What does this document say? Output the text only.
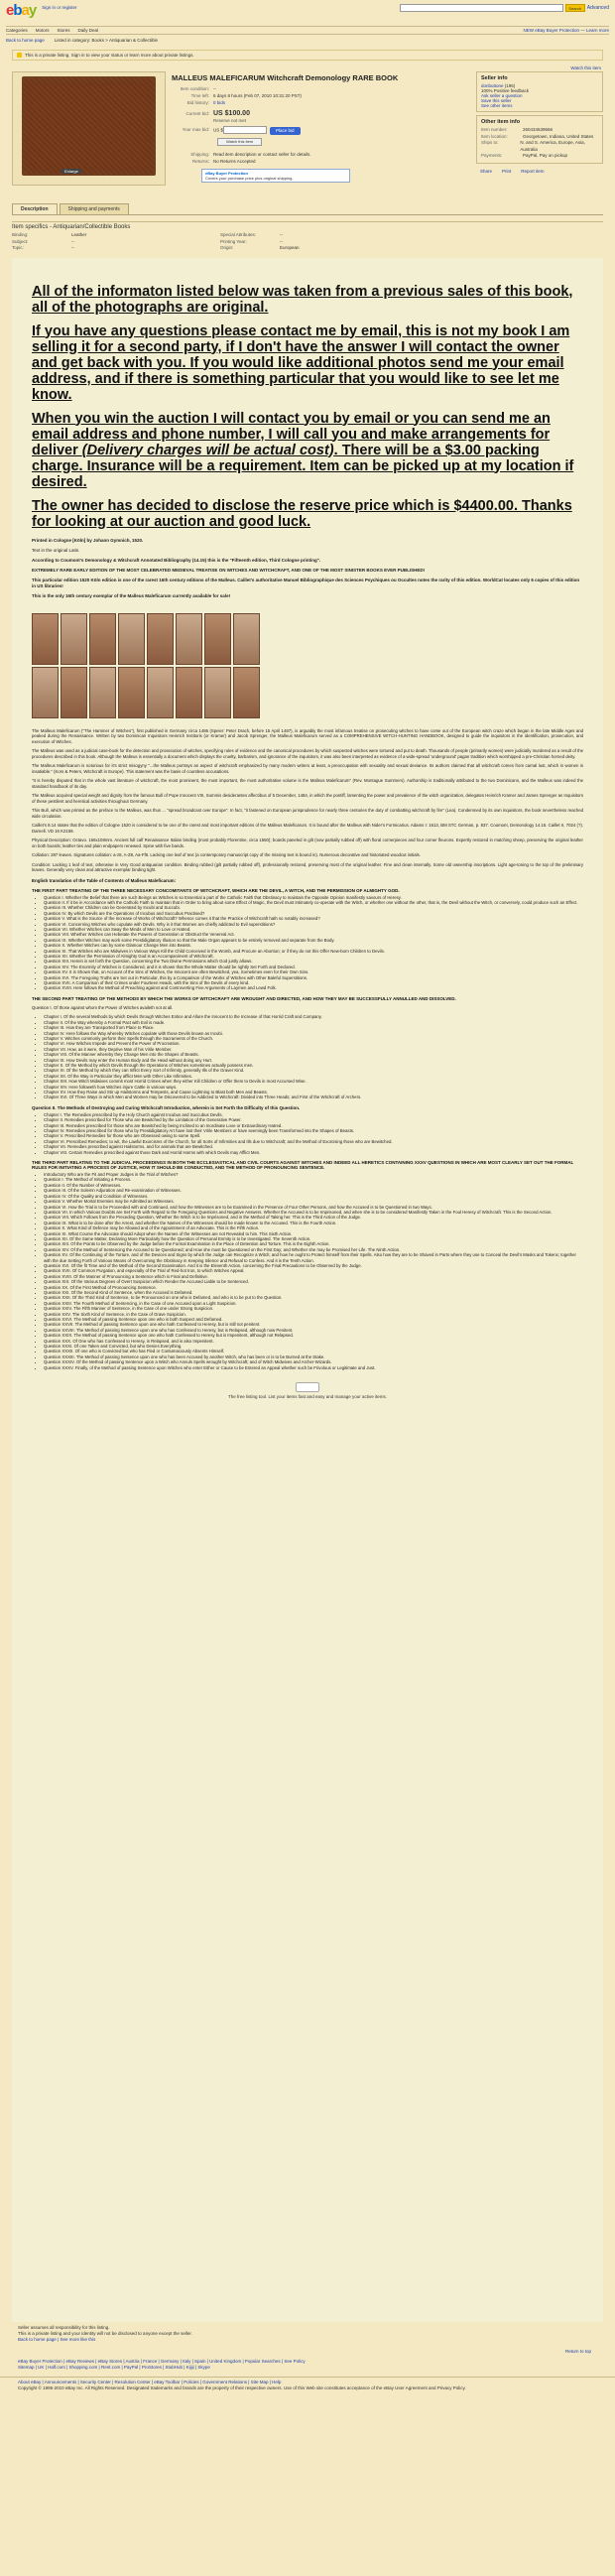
ebay Sign in or register	Search	Advanced
Categories Motors Stores Daily Deal	NEW eBay Buyer Protection — Learn more
Back to home page Listed in category: Books > Antiquarian & Collectible
This is a private listing. Sign in to view your status or learn more about private listings.
Watch this item
Enlarge
MALLEUS MALEFICARUM Witchcraft Demonology RARE BOOK
Item condition: --
Time left: 6 days 8 hours (Feb 07, 2010 10:31:20 PST)
Bid history: 0 bids
Current bid: US $100.00
Reserve not met
Your max bid: US $	Place bid
Watch this item
Shipping: Read item description or contact seller for details.
Returns: No Returns Accepted
eBay Buyer Protection
Covers your purchase price plus original shipping.
Seller info
donbuttone (195)
100% Positive feedback
Ask seller a question
Save this seller
See other items
Other item info
Item number:	260434639666
Item location:	Georgetown, Indiana, United States
Ships to:	N. and S. America, Europe, Asia, Australia
Payments:	PayPal, Pay on pickup
Share Print Report item
Description	Shipping and payments
Item specifics - Antiquarian/Collectible Books
Binding:	Leather	Special Attributes:	--
Subject:	--	Printing Year:	--
Topic:	--	Origin:	European

All of the informaton listed below was taken from a previous sales of this book, all of the photographs are original.

If you have any questions please contact me by email, this is not my book I am selling it for a second party, if I don't have the answer I will contact the owner and get back with you. If you would like additional photos send me your email address, and if there is something particular that you would like to see let me know.

When you win the auction I will contact you by email or you can send me an email address and phone number, I will call you and make arrangements for deliver (Delivery charges will be actual cost). There will be a $3.00 packing charge. Insurance will be a requirement. Item can be picked up at my location if desired.

The owner has decided to disclose the reserve price which is $4400.00. Thanks for looking at our auction and good luck.

Printed in Cologne [Köln] by Johann Gymnich, 1520.

Text in the original Latin.

According to Coumont's Demonology & Witchcraft Annotated Bibliography (14.15) this is the "Fifteenth edition, Third Cologne printing".

EXTREMELY RARE EARLY EDITION OF THE MOST CELEBRATED MEDIEVAL TREATISE ON WITCHES AND WITCHCRAFT, AND ONE OF THE MOST SINISTER BOOKS EVER PUBLISHED!

This particular edition 1520 Köln edition is one of the rarest 16th century editions of the Malleus. Caillet's authoritative Manuel Bibliographique des Sciences Psychiques ou Occultes notes the rarity of this edition. WorldCat locates only 6 copies of this edition in US libraries!

This is the only 16th century exemplar of the Malleus Maleficarum currently available for sale!

The Malleus Maleficarum ("The Hammer of Witches"), first published in Germany circa 1486 (Speier: Peter Drach, before 15 April 1487), is arguably the most infamous treatise on prosecuting witches to have come out of the European witch craze which began in the late Middle Ages and peaked during the Renaissance. Written by two Dominican Inquisitors Heinrich Institoris (or Kramer) and Jacob Sprenger, the Malleus Maleficarum served as a COMPREHENSIVE WITCH-HUNTING HANDBOOK, designed to guide the inquisitors in the identification, prosecution, and execution of Witches.

The Malleus was used as a judicial case-book for the detection and prosecution of witches, specifying rules of evidence and the canonical procedures by which suspected witches were tortured and put to death. Thousands of people (primarily women) were judicially murdered as a result of the procedures described in this book. Although the Malleus is essentially a document which displays the cruelty, barbarism, and ignorance of the inquisitors, it was also been interpreted as evidence of a wide-spread 'underground' pagan tradition which worshipped a pre-Christian horned deity.

The Malleus Maleficarum is notorious for it's strict misogyny "...the Malleus portrays an aspect of witchcraft emphasized by many modern writers at least, a preoccupation with sexuality and sexual deviance. Its authors claimed that all witchcraft comes from carnal lust, which in women is insatiable." (Kors & Peters, Witchcraft in Europe). This statement was the basis of countless accusations.

"It is hereby disputed that in the whole vast literature of witchcraft, the most prominent, the most important, the most authoritative volume is the Malleus Maleficarum" (Rev. Montague Summers). Authorship is traditionally attributed to the two Dominicans, and the Malleus was indeed the standard handbook of its day.

The Malleus acquired special weight and dignity from the famous Bull of Pope Innocent VIII, Summis desiderantes affectibus of 5 December, 1484, in which the pontiff, lamenting the power and prevalence of the witch organization, delegates Heinrich Kramer and James Sprenger as Inquisitors of these pestilent and heretical activities throughout Germany.

This Bull, which was printed as the preface to the Malleus, was thus ... "spread broadcast over Europe". In fact, "it fastened on European jurisprudence for nearly three centuries the duty of combatting witchcraft by fire" (Lea). Condemned by its own inquisitors, the book nevertheless reached wide circulation.

Caillet's 8.14 states that the edition of Cologne 1520 is considered to be one of the rarest and most important editions of the Malleus Maleficarum. It is bound after the Malleus with Nider's Formicarius. Adams I: 1613, BM STC German, p. 837. Coumont, Demonology 14.15. Caillet II, 7024 (?). Darnell. VD 16 K2159.

Physical Description: Octavo. 166x108mm. Ancient full calf Renaissance Italian binding (most probably Florentine, circa 1550); boards paneled in gilt (now partially rubbed off) with floral cornerpieces and four corner fleurons. Expertly restored in matching sheep, preserving the original leather on both boards; leather ties and plain endpapers renewed. Spine with five bands.

Collation: 287 leaves. Signatures collation: a-z8, A-Z8, Aa-Ff8. Lacking one leaf of text (a contemporary manuscript copy of the missing text is bound in). Numerous decorative and historiated woodcut initials.

Condition: Lacking 1 leaf of text, otherwise in Very Good antiquarian condition. Binding rubbed (gilt partially rubbed off), professionally restored, preserving most of the original leather. Fine and clean internally. Some old ownership inscriptions. Light age-toning to the top of the preliminary leaves. Generally very clean and attractive exemplar binding tight.

English translation of the Table of Contents of Malleus Maleficarum:

THE FIRST PART TREATING OF THE THREE NECESSARY CONCOMITANTS OF WITCHCRAFT, WHICH ARE THE DEVIL, A WITCH, AND THE PERMISSION OF ALMIGHTY GOD.

• Question I. Whether the Belief that there are such Beings as Witches is so Essential a part of the Catholic Faith that Obstinacy to maintain the Opposite Opinion manifestly savours of Heresy.
• Question II. If it be in Accordance with the Catholic Faith to maintain that in Order to bring about some Effect of Magic, the Devil must Intimately co-operate with the Witch, or whether one without the other, that is, the Devil without the Witch, or conversely, could produce such an Effect.
• Question III. Whether Children can be Generated by Incubi and Succubi.
• Question IV. By which Devils are the Operations of Incubus and Succubus Practised?
• Question V. What is the Source of the Increase of Works of Witchcraft? Whence comes it that the Practice of Witchcraft hath so notably increased?
• Question VI. Concerning Witches who copulate with Devils. Why is it that Women are chiefly addicted to Evil superstitions?
• Question VII. Whether Witches can Sway the Minds of Men to Love or Hatred.
• Question VIII. Whether Witches can Hebetate the Powers of Generation or Obstruct the Venereal Act.
• Question IX. Whether Witches may work some Prestidigitatory Illusion so that the Male Organ appears to be entirely removed and separate from the Body.
• Question X. Whether Witches can by some Glamour Change Men into Beasts.
• Question XI. That Witches who are Midwives in Various Ways Kill the Child Conceived in the Womb, and Procure an Abortion; or if they do not this Offer New-born Children to Devils.
• Question XII. Whether the Permission of Almighty God is an Accompaniment of Witchcraft.
• Question XIII. Herein is set forth the Question, concerning the Two Divine Permissions which God justly allows.
• Question XIV. The Enormity of Witches is Considered, and it is shown that the Whole Matter should be rightly Set Forth and Declared.
• Question XV. It is Shown that, on Account of the Sins of Witches, the Innocent are often Bewitched, yea, Sometimes even for their Own Sins.
• Question XVI. The Foregoing Truths are Set out in Particular, this by a Comparison of the Works of Witches with Other Baleful Superstitions.
• Question XVII. A Comparison of their Crimes under Fourteen Heads, with the Sins of the Devils of every kind.
• Question XVIII. Here follows the Method of Preaching against and Controverting Five Arguments of Laymen and Lewd Folk.

THE SECOND PART TREATING OF THE METHODS BY WHICH THE WORKS OF WITCHCRAFT ARE WROUGHT AND DIRECTED, AND HOW THEY MAY BE SUCCESSFULLY ANNULLED AND DISSOLVED.

Question I. Of those against whom the Power of Witches availeth not at all.

• Chapter I. Of the several Methods by which Devils through Witches Entice and Allure the Innocent to the Increase of that Horrid Craft and Company.
• Chapter II. Of the Way whereby a Formal Pact with Evil is made.
• Chapter III. How they are Transported from Place to Place.
• Chapter IV. Here follows the Way whereby Witches copulate with those Devils known as Incubi.
• Chapter V. Witches commonly perform their Spells through the Sacraments of the Church.
• Chapter VI. How Witches Impede and Prevent the Power of Procreation.
• Chapter VII. How, as it were, they Deprive Man of his Virile Member.
• Chapter VIII. Of the Manner whereby they Change Men into the Shapes of Beasts.
• Chapter IX. How Devils may enter the Human Body and the Head without doing any Hurt.
• Chapter X. Of the Method by which Devils through the Operations of Witches sometimes actually possess men.
• Chapter XI. Of the Method by which they can Inflict Every Sort of Infirmity, generally Ills of the Graver Kind.
• Chapter XII. Of the Way in Particular they afflict Men with Other Like Infirmities.
• Chapter XIII. How Witch Midwives commit most Horrid Crimes when they either Kill Children or Offer them to Devils in most Accursed Wise.
• Chapter XIV. Here followeth how Witches injure Cattle in various ways.
• Chapter XV. How they Raise and Stir up Hailstorms and Tempests, and Cause Lightning to Blast both Men and Beasts.
• Chapter XVI. Of Three Ways in which Men and Women may be Discovered to be Addicted to Witchcraft: Divided into Three Heads; and First of the Witchcraft of Archers.

Question II. The Methods of Destroying and Curing Witchcraft Introduction, wherein is Set Forth the Difficulty of this Question.

• Chapter I. The Remedies prescribed by the Holy Church against Incubus and Succubus Devils.
• Chapter II. Remedies prescribed for Those who are Bewitched by the Limitation of the Generative Power.
• Chapter III. Remedies prescribed for those who are Bewitched by being Inclined to an Inordinate Love or Extraordinary Hatred.
• Chapter IV. Remedies prescribed for those who by Prestidigitatory Art have lost their Virile Members or have seemingly been Transformed into the Shapes of Beasts.
• Chapter V. Prescribed Remedies for those who are Obsessed owing to some Spell.
• Chapter VI. Prescribed Remedies; to wit, the Lawful Exorcisms of the Church, for all Sorts of Infirmities and Ills due to Witchcraft; and the Method of Exorcising those who are Bewitched.
• Chapter VII. Remedies prescribed against Hailstorms, and for animals that are Bewitched.
• Chapter VIII. Certain Remedies prescribed against those Dark and Horrid Harms with which Devils may Afflict Men.

THE THIRD PART RELATING TO THE JUDICIAL PROCEEDINGS IN BOTH THE ECCLESIASTICAL AND CIVIL COURTS AGAINST WITCHES AND INDEED ALL HERETICS CONTAINING XXXV QUESTIONS IN WHICH ARE MOST CLEARLY SET OUT THE FORMAL RULES FOR INITIATING A PROCESS OF JUSTICE, HOW IT SHOULD BE CONDUCTED, AND THE METHOD OF PRONOUNCING SENTENCE.

• Introductory Who are the Fit and Proper Judges in the Trial of Witches?
• Question I. The Method of Initiating a Process.
• Question II. Of the Number of Witnesses.
• Question III. Of the Solemn Adjuration and Re-examination of Witnesses.
• Question IV. Of the Quality and Condition of Witnesses.
• Question V. Whether Mortal Enemies may be Admitted as Witnesses.
• Question VI. How the Trial is to be Proceeded with and Continued, and how the Witnesses are to be Examined in the Presence of Four Other Persons, and how the Accused is to be Questioned in two Ways.
• Question VII. In which Various Doubts are Set Forth with Regard to the Foregoing Questions and Negative Answers. Whether the Accused is to be Imprisoned, and when she is to be considered Manifestly Taken in the Foul Heresy of Witchcraft. This is the Second Action.
• Question VIII. Which Follows from the Preceding Question, Whether the Witch is to be Imprisoned, and in the Method of Taking her. This is the Third Action of the Judge.
• Question IX. What is to be done after the Arrest, and whether the Names of the Witnesses should be made known to the Accused. This is the Fourth Action.
• Question X. What Kind of Defence may be Allowed and of the Appointment of an Advocate. This is the Fifth Action.
• Question XI. What Course the Advocate should Adopt when the Names of the Witnesses are not Revealed to him. This Sixth Action.
• Question XII. Of the Same Matter, Declaring More Particularly how the Question of Personal Enmity is to be Investigated. The Seventh Action.
• Question XIII. Of the Points to be Observed by the Judge before the Formal Examination in the Place of Detention and Torture. This is the Eighth Action.
• Question XIV. Of the Method of Sentencing the Accused to be Questioned; and How she must be Questioned on the First Day; and Whether she may be Promised her Life. The Ninth Action.
• Question XV. Of the Continuing of the Torture, and of the Devices and Signs by which the Judge can Recognize a Witch; and how he ought to Protect himself from their Spells. Also how they are to be Shaved in Parts where they use to Conceal the Devil's Masks and Tokens; together with the due Setting Forth of Various Means of Overcoming the Obstinacy in Keeping Silence and Refusal to Confess. And it is the Tenth Action.
• Question XVI. Of the fit Time and of the Method of the Second Examination. And it is the Eleventh Action, concerning the Final Precautions to be Observed by the Judge.
• Question XVII. Of Common Purgation, and especially of the Trial of Red-hot Iron, to which Witches Appeal.
• Question XVIII. Of the Manner of Pronouncing a Sentence which is Final and Definitive.
• Question XIX. Of the Various Degrees of Overt Suspicion which Render the Accused Liable to be Sentenced.
• Question XX. Of the First Method of Pronouncing Sentence.
• Question XXI. Of the Second Kind of Sentence, when the Accused is Defamed.
• Question XXII. Of the Third Kind of Sentence, to be Pronounced on one who is Defamed, and who is to be put to the Question.
• Question XXIII. The Fourth Method of Sentencing, in the Case of one Accused upon a Light Suspicion.
• Question XXIV. The Fifth Manner of Sentence, in the Case of one under Strong Suspicion.
• Question XXV. The Sixth Kind of Sentence, in the Case of Grave Suspicion.
• Question XXVI. The Method of passing Sentence upon one who is both Suspect and Defamed.
• Question XXVII. The Method of passing Sentence upon one who hath Confessed to Heresy, but is still not penitent.
• Question XXVIII. The Method of passing Sentence upon one who has Confessed to Heresy, but is Relapsed, although now Penitent.
• Question XXIX. The Method of passing Sentence upon one who hath Confessed to Heresy but is Impenitent, although not Relapsed.
• Question XXX. Of One who has Confessed to Heresy, is Relapsed, and is also Impenitent.
• Question XXXI. Of one Taken and Convicted, but who Denies Everything.
• Question XXXII. Of one who is Convicted but who has Fled or Contumaciously Absents Himself.
• Question XXXIII. The Method of passing Sentence upon one who has been Accused by another Witch, who has been or is to be Burned at the Stake.
• Question XXXIV. Of the Method of passing Sentence upon a Witch who Annuls Spells wrought by Witchcraft; and of Witch Midwives and Archer-Wizards.
• Question XXXV. Finally, of the Method of passing Sentence upon Witches who enter Either or Cause to be Entered an Appeal whether such be Frivolous or Legitimate and Just.
The free listing tool. List your items fast and easy and manage your active items.
Seller assumes all responsibility for this listing.
This is a private listing and your identity will not be disclosed to anyone except the seller.
Back to home page | See more like this
Return to top
eBay Buyer Protection | eBay Reviews | eBay Stores | Austria | France | Germany | Italy | Spain | United Kingdom | Popular Searches | See Policy
Sitemap | UK | Half.com | Shopping.com | Rent.com | PayPal | ProStores | StubHub | Kijiji | Skype
About eBay | Announcements | Security Center | Resolution Center | eBay Toolbar | Policies | Government Relations | Site Map | Help
Copyright © 1995-2010 eBay Inc. All Rights Reserved. Designated trademarks and brands are the property of their respective owners. Use of this Web site constitutes acceptance of the eBay User Agreement and Privacy Policy.
